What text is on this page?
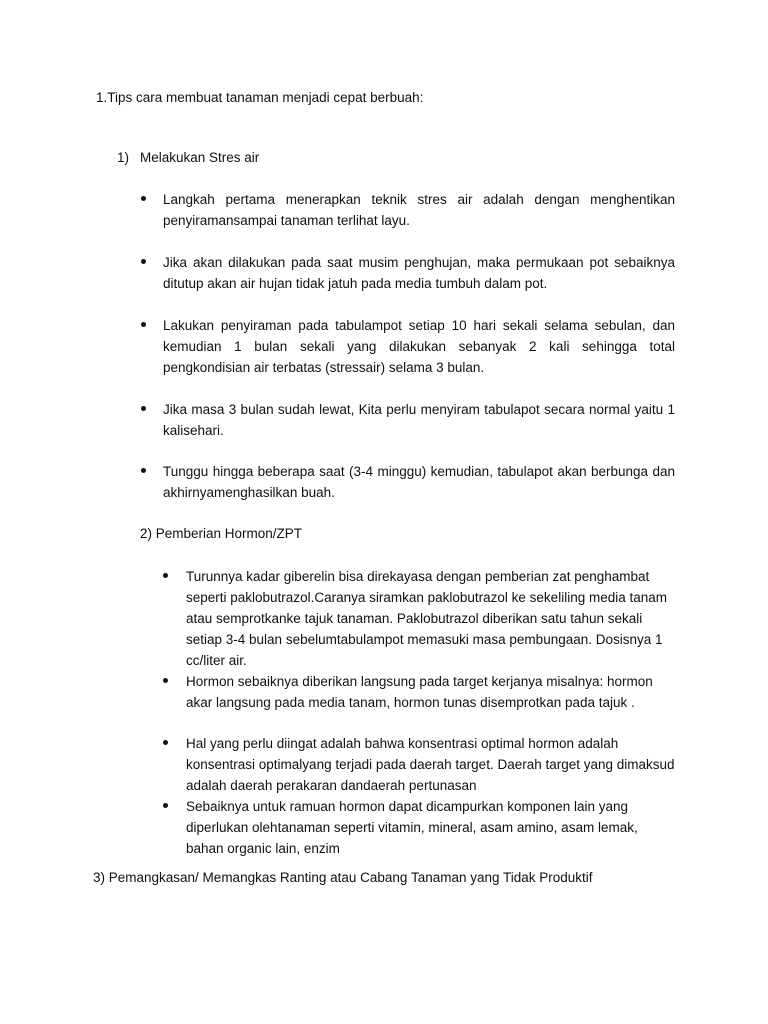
1.Tips cara membuat tanaman menjadi cepat berbuah:
1) Melakukan Stres air
Langkah pertama menerapkan teknik stres air adalah dengan menghentikan penyiramansampai tanaman terlihat layu.
Jika akan dilakukan pada saat musim penghujan, maka permukaan pot sebaiknya ditutup akan air hujan tidak jatuh pada media tumbuh dalam pot.
Lakukan penyiraman pada tabulampot setiap 10 hari sekali selama sebulan, dan kemudian 1 bulan sekali yang dilakukan sebanyak 2 kali sehingga total pengkondisian air terbatas (stressair) selama 3 bulan.
Jika masa 3 bulan sudah lewat, Kita perlu menyiram tabulapot secara normal yaitu 1 kalisehari.
Tunggu hingga beberapa saat (3-4 minggu) kemudian, tabulapot akan berbunga dan akhirnyamenghasilkan buah.
2) Pemberian Hormon/ZPT
Turunnya kadar giberelin bisa direkayasa dengan pemberian zat penghambat seperti paklobutrazol.Caranya siramkan paklobutrazol ke sekeliling media tanam atau semprotkanke tajuk tanaman. Paklobutrazol diberikan satu tahun sekali setiap 3-4 bulan sebelumtabulampot memasuki masa pembungaan. Dosisnya 1 cc/liter air.
Hormon sebaiknya diberikan langsung pada target kerjanya misalnya: hormon akar langsung pada media tanam, hormon tunas disemprotkan pada tajuk .
Hal yang perlu diingat adalah bahwa konsentrasi optimal hormon adalah konsentrasi optimalyang terjadi pada daerah target. Daerah target yang dimaksud adalah daerah perakaran dandaerah pertunasan
Sebaiknya untuk ramuan hormon dapat dicampurkan komponen lain yang diperlukan olehtanaman seperti vitamin, mineral, asam amino, asam lemak, bahan organic lain, enzim
3) Pemangkasan/ Memangkas Ranting atau Cabang Tanaman yang Tidak Produktif
